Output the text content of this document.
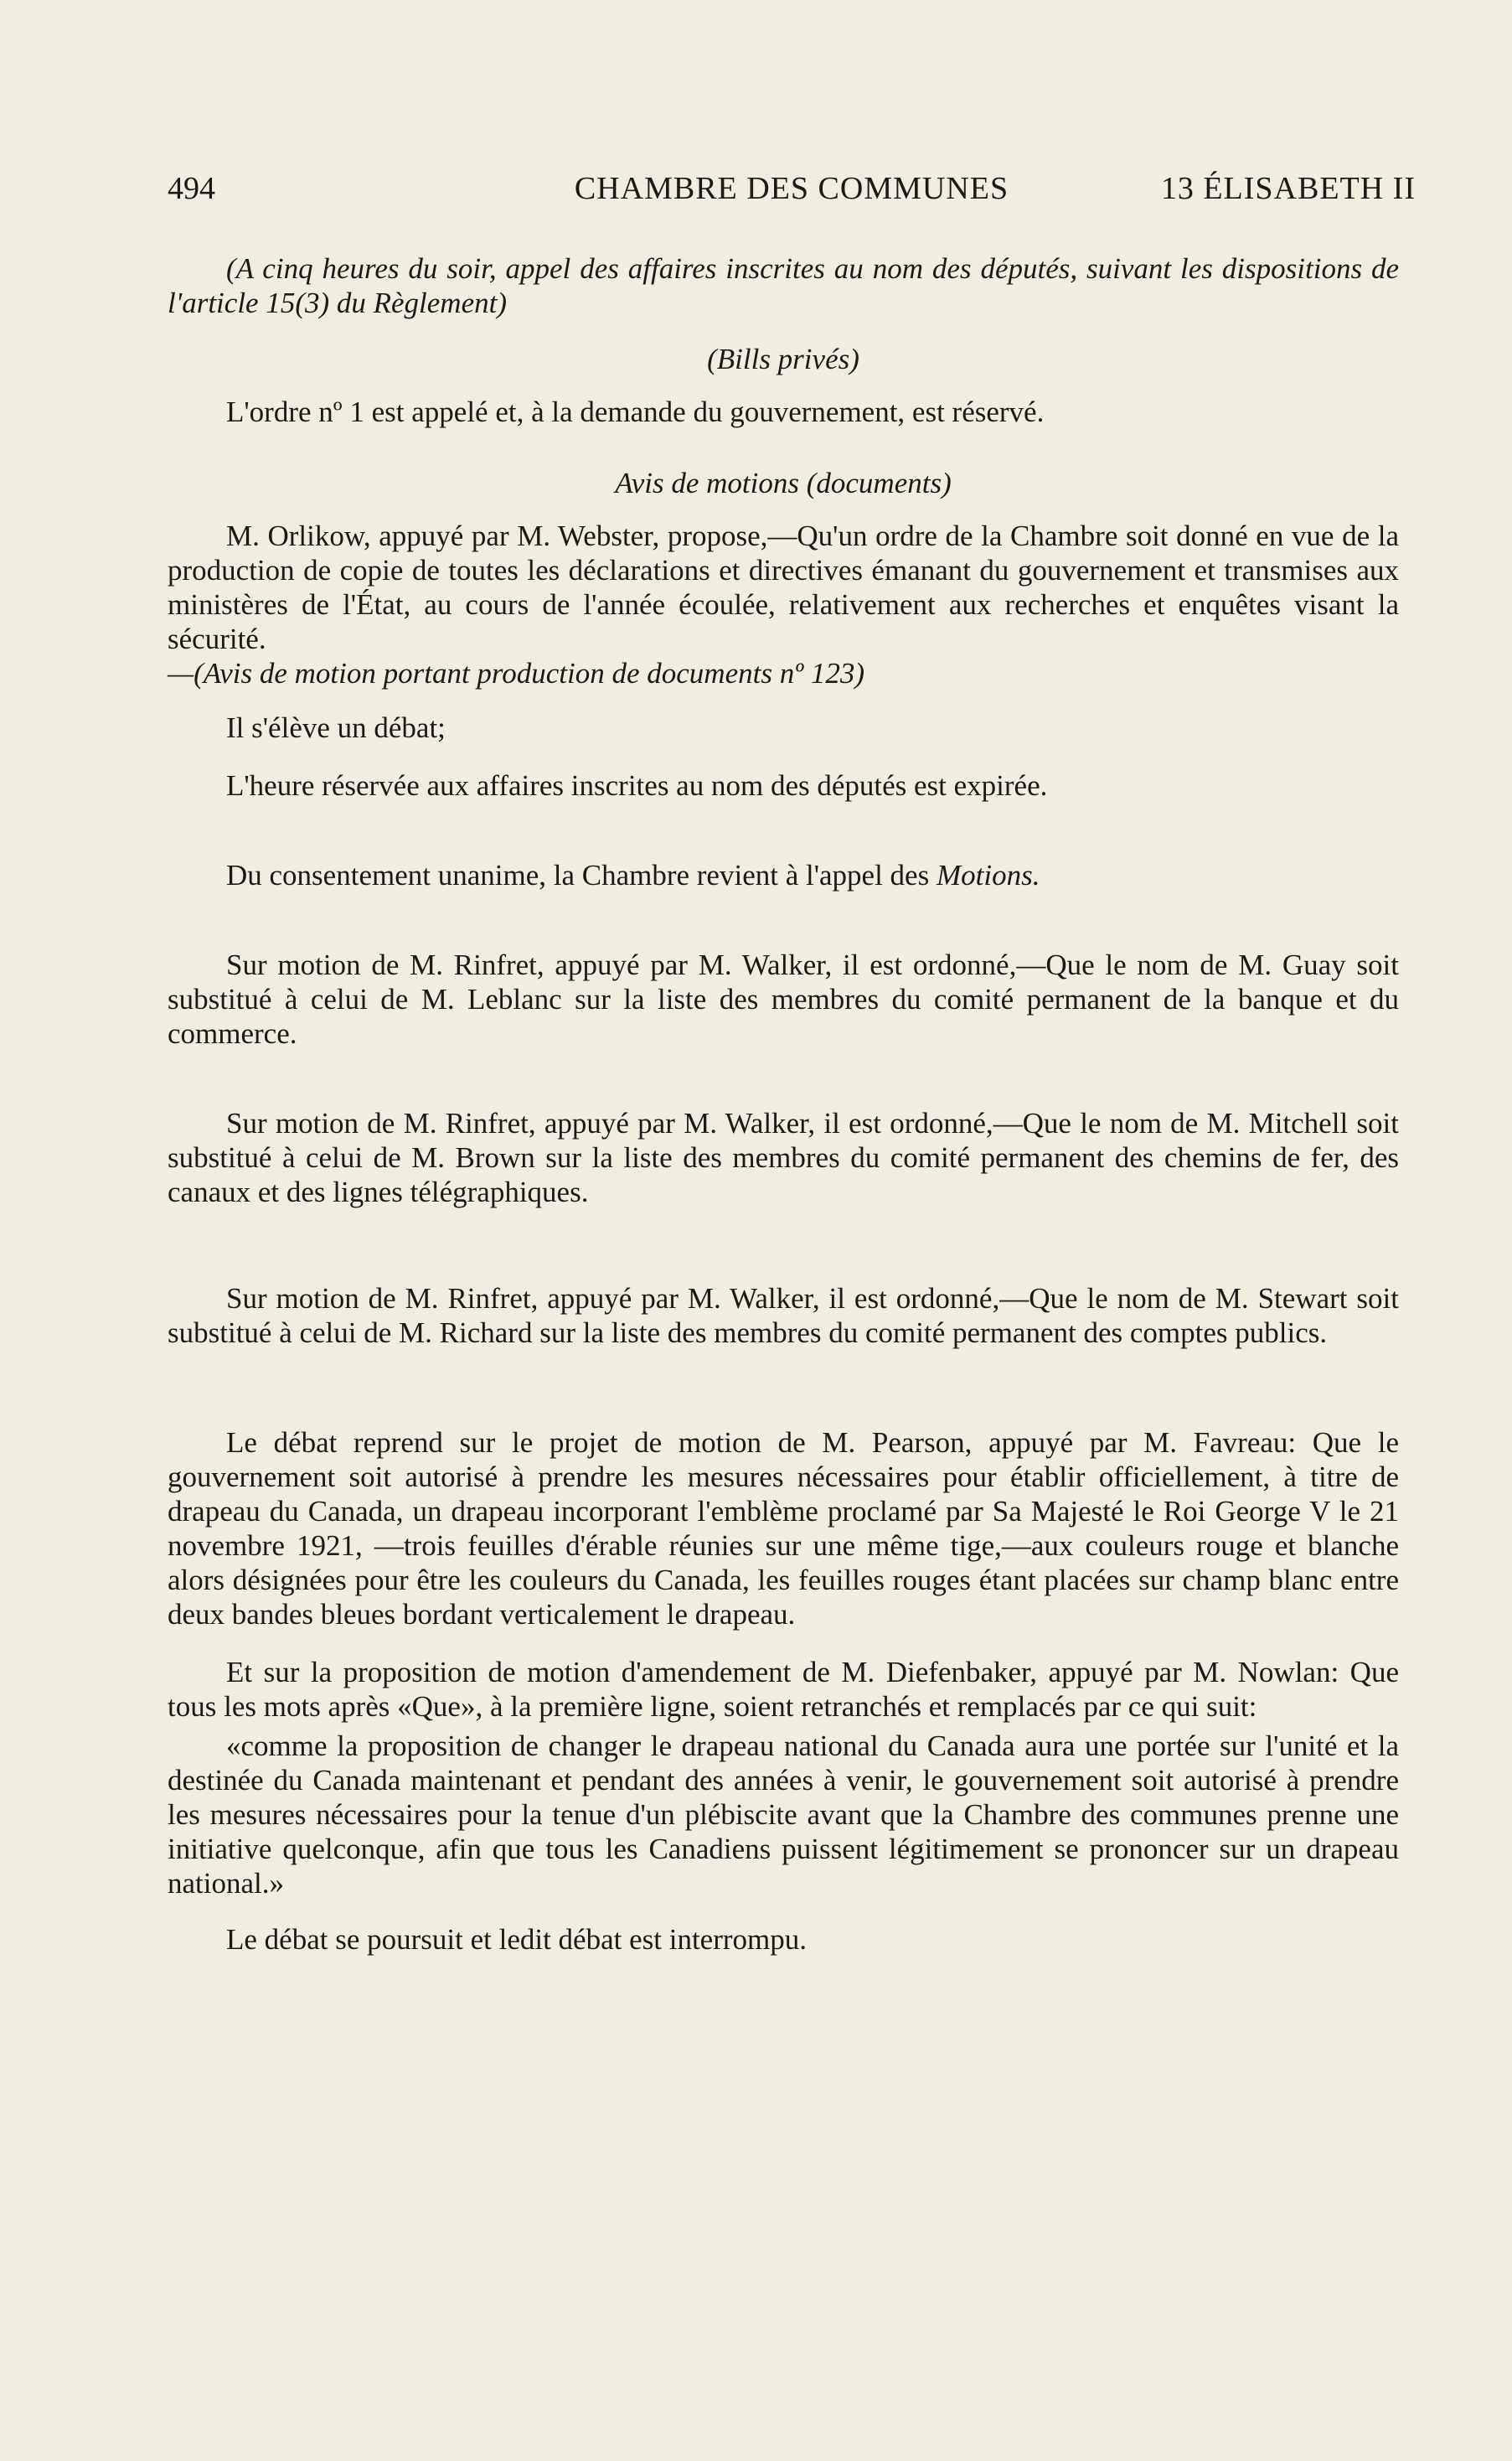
494	CHAMBRE DES COMMUNES	13 ÉLISABETH II

(A cinq heures du soir, appel des affaires inscrites au nom des députés, suivant les dispositions de l'article 15(3) du Règlement)

(Bills privés)

L'ordre nº 1 est appelé et, à la demande du gouvernement, est réservé.

Avis de motions (documents)

M. Orlikow, appuyé par M. Webster, propose,—Qu'un ordre de la Chambre soit donné en vue de la production de copie de toutes les déclarations et directives émanant du gouvernement et transmises aux ministères de l'État, au cours de l'année écoulée, relativement aux recherches et enquêtes visant la sécurité.
—(Avis de motion portant production de documents nº 123)

Il s'élève un débat;

L'heure réservée aux affaires inscrites au nom des députés est expirée.

Du consentement unanime, la Chambre revient à l'appel des Motions.

Sur motion de M. Rinfret, appuyé par M. Walker, il est ordonné,—Que le nom de M. Guay soit substitué à celui de M. Leblanc sur la liste des membres du comité permanent de la banque et du commerce.

Sur motion de M. Rinfret, appuyé par M. Walker, il est ordonné,—Que le nom de M. Mitchell soit substitué à celui de M. Brown sur la liste des membres du comité permanent des chemins de fer, des canaux et des lignes télégraphiques.

Sur motion de M. Rinfret, appuyé par M. Walker, il est ordonné,—Que le nom de M. Stewart soit substitué à celui de M. Richard sur la liste des membres du comité permanent des comptes publics.

Le débat reprend sur le projet de motion de M. Pearson, appuyé par M. Favreau: Que le gouvernement soit autorisé à prendre les mesures nécessaires pour établir officiellement, à titre de drapeau du Canada, un drapeau incorporant l'emblème proclamé par Sa Majesté le Roi George V le 21 novembre 1921, —trois feuilles d'érable réunies sur une même tige,—aux couleurs rouge et blanche alors désignées pour être les couleurs du Canada, les feuilles rouges étant placées sur champ blanc entre deux bandes bleues bordant verticalement le drapeau.

Et sur la proposition de motion d'amendement de M. Diefenbaker, appuyé par M. Nowlan: Que tous les mots après «Que», à la première ligne, soient retranchés et remplacés par ce qui suit:

«comme la proposition de changer le drapeau national du Canada aura une portée sur l'unité et la destinée du Canada maintenant et pendant des années à venir, le gouvernement soit autorisé à prendre les mesures nécessaires pour la tenue d'un plébiscite avant que la Chambre des communes prenne une initiative quelconque, afin que tous les Canadiens puissent légitimement se prononcer sur un drapeau national.»

Le débat se poursuit et ledit débat est interrompu.
